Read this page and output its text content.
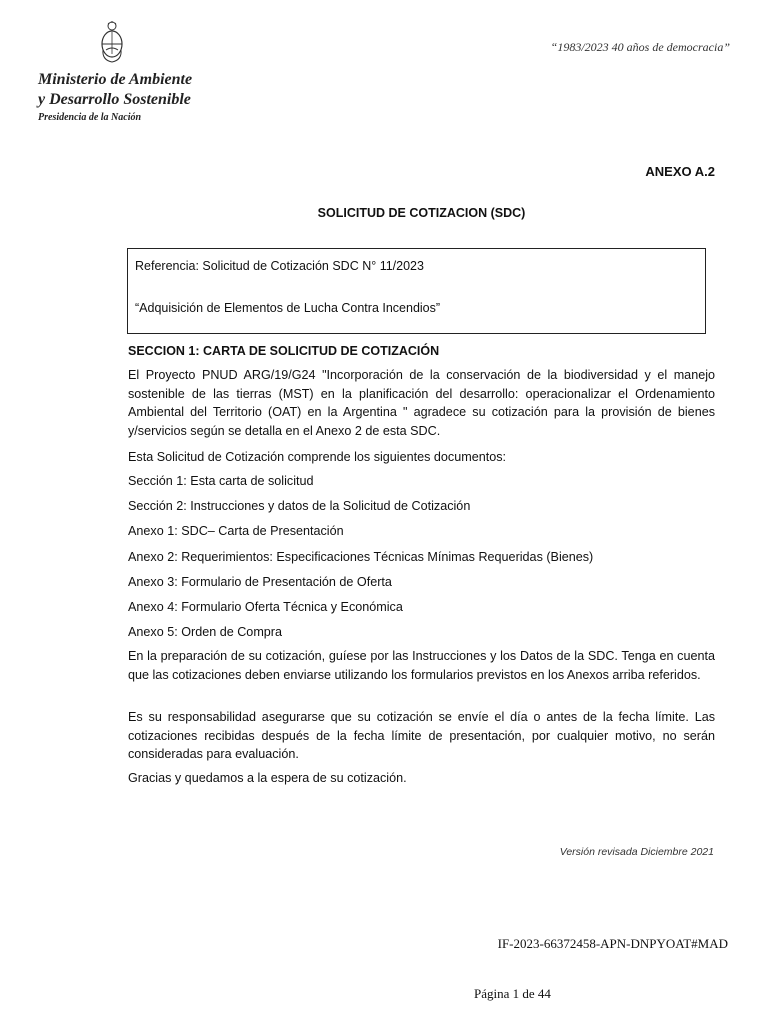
Ministerio de Ambiente
y Desarrollo Sostenible
Presidencia de la Nación
“1983/2023 40 años de democracia”
ANEXO A.2
SOLICITUD DE COTIZACION (SDC)
Referencia: Solicitud de Cotización SDC N° 11/2023
“Adquisición de Elementos de Lucha Contra Incendios”
SECCION 1: CARTA DE SOLICITUD DE COTIZACIÓN
El Proyecto PNUD ARG/19/G24 "Incorporación de la conservación de la biodiversidad y el manejo sostenible de las tierras (MST) en la planificación del desarrollo: operacionalizar el Ordenamiento Ambiental del Territorio (OAT) en la Argentina " agradece su cotización para la provisión de bienes y/servicios según se detalla en el Anexo 2 de esta SDC.
Esta Solicitud de Cotización comprende los siguientes documentos:
Sección 1: Esta carta de solicitud
Sección 2: Instrucciones y datos de la Solicitud de Cotización
Anexo 1: SDC– Carta de Presentación
Anexo 2: Requerimientos: Especificaciones Técnicas Mínimas Requeridas (Bienes)
Anexo 3: Formulario de Presentación de Oferta
Anexo 4: Formulario Oferta Técnica y Económica
Anexo 5: Orden de Compra
En la preparación de su cotización, guíese por las Instrucciones y los Datos de la SDC. Tenga en cuenta que las cotizaciones deben enviarse utilizando los formularios previstos en los Anexos arriba referidos.
Es su responsabilidad asegurarse que su cotización se envíe el día o antes de la fecha límite. Las cotizaciones recibidas después de la fecha límite de presentación, por cualquier motivo, no serán consideradas para evaluación.
Gracias y quedamos a la espera de su cotización.
Versión revisada Diciembre 2021
IF-2023-66372458-APN-DNPYOAT#MAD
Página 1 de 44
